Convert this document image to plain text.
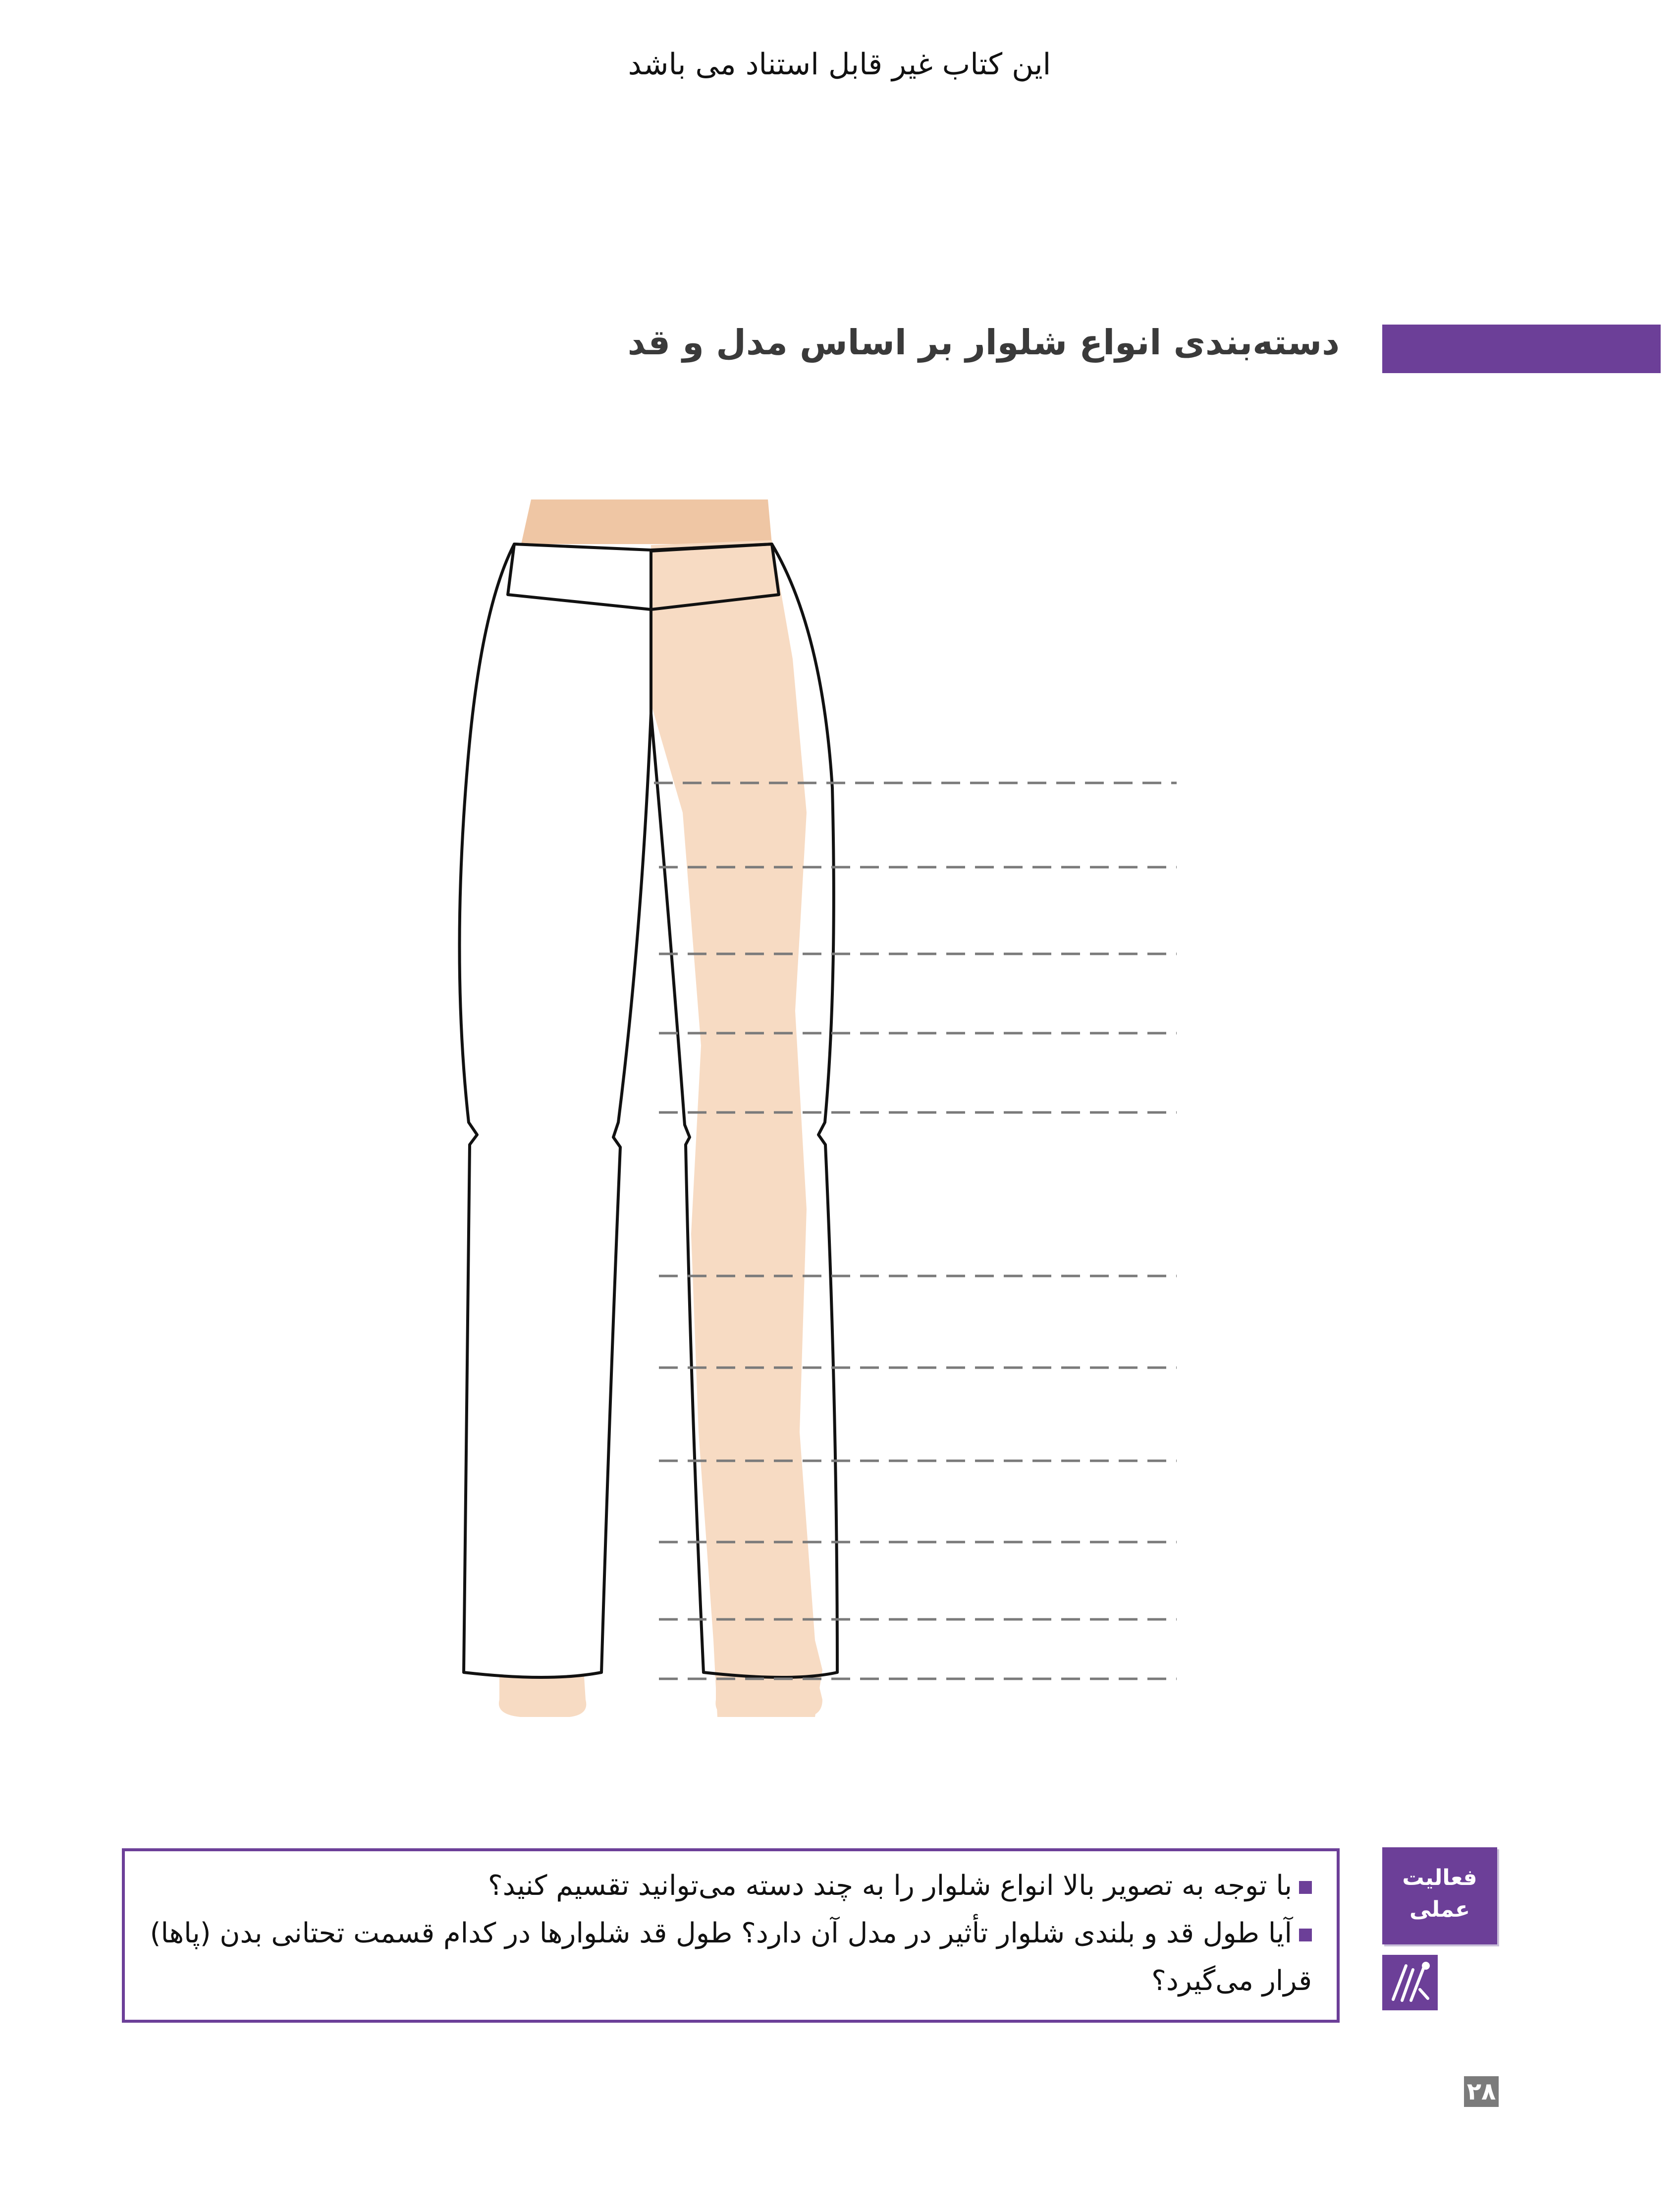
این کتاب غیر قابل استناد می باشد
دسته‌بندی انواع شلوار بر اساس مدل و قد
با توجه به تصویر بالا انواع شلوار را به چند دسته می‌توانید تقسیم کنید؟
آیا طول قد و بلندی شلوار تأثیر در مدل آن دارد؟ طول قد شلوارها در کدام قسمت تحتانی بدن (پاها) قرار می‌گیرد؟
فعالیت
عملی
۲۸
